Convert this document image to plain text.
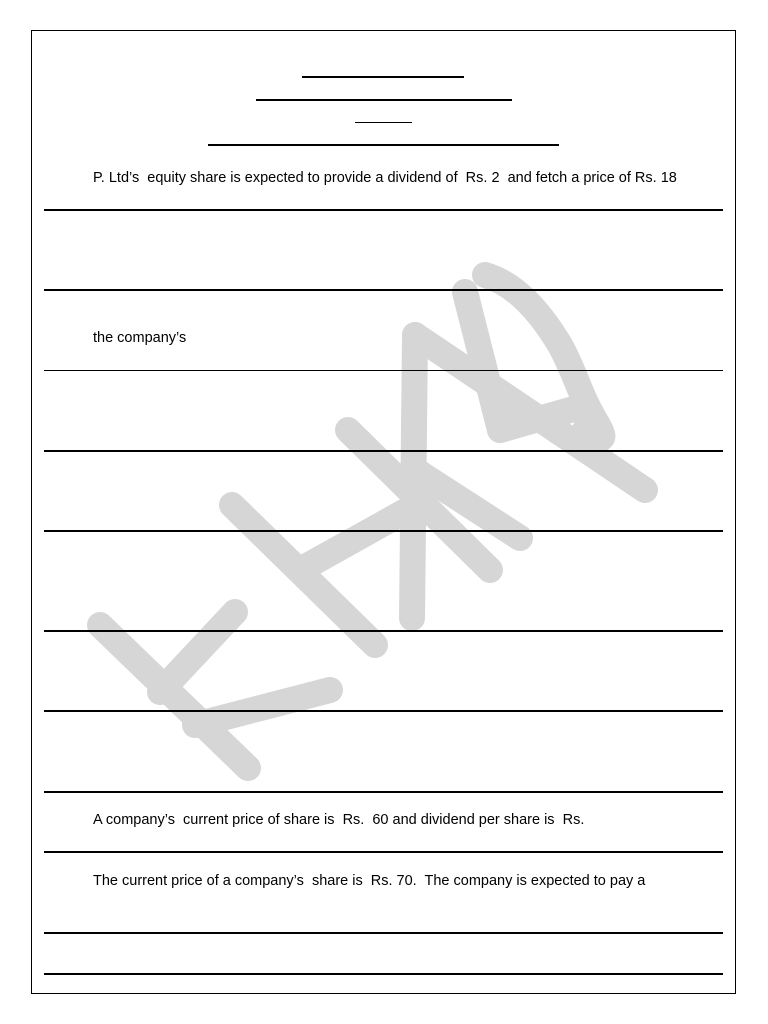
P. Ltd’s  equity share is expected to provide a dividend of  Rs. 2  and fetch a price of Rs. 18
the company’s
A company’s  current price of share is  Rs.  60 and dividend per share is  Rs.
The current price of a company’s  share is  Rs. 70.  The company is expected to pay a
